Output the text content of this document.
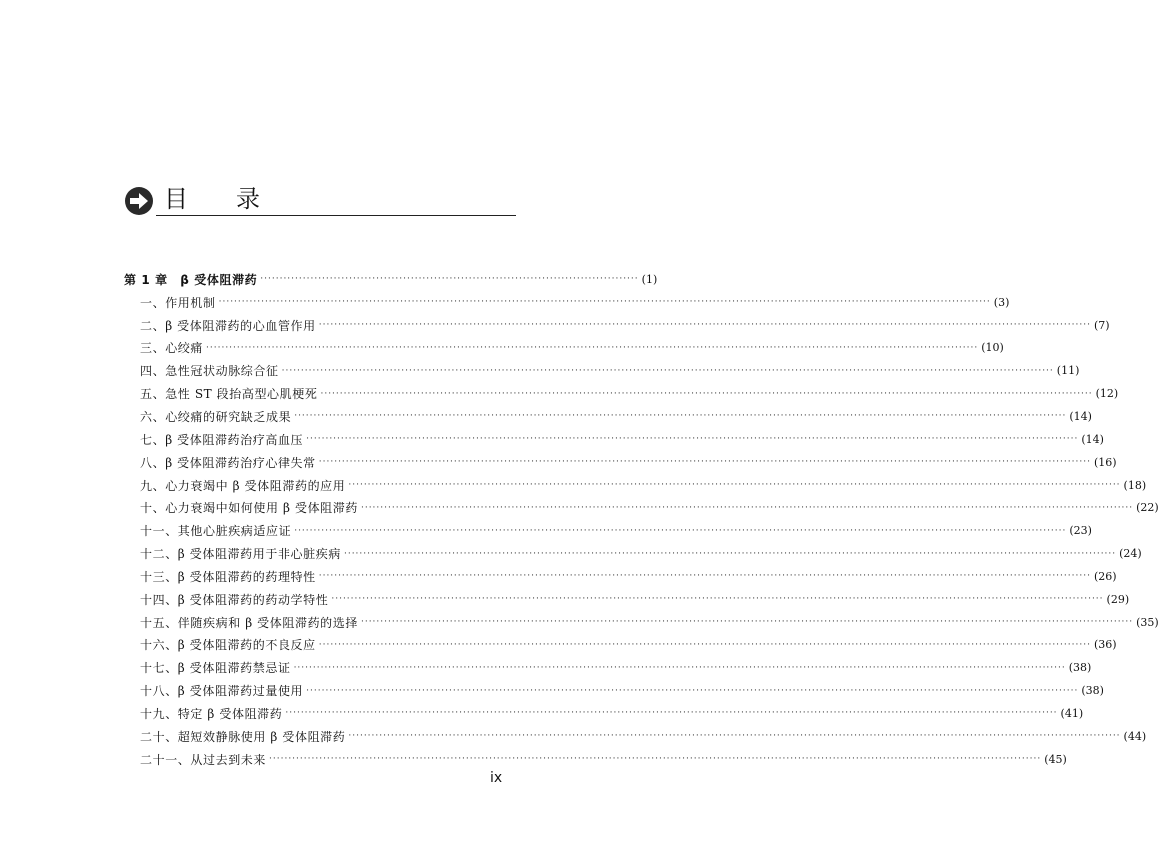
目 录
第 1 章　β 受体阻滞药 ·································································································· (1)
一、作用机制 ········································································································································································································ (3)
二、β 受体阻滞药的心血管作用 ········································································································································································································ (7)
三、心绞痛 ········································································································································································································ (10)
四、急性冠状动脉综合征 ········································································································································································································ (11)
五、急性 ST 段抬高型心肌梗死 ········································································································································································································ (12)
六、心绞痛的研究缺乏成果 ········································································································································································································ (14)
七、β 受体阻滞药治疗高血压 ········································································································································································································ (14)
八、β 受体阻滞药治疗心律失常 ········································································································································································································ (16)
九、心力衰竭中 β 受体阻滞药的应用 ········································································································································································································ (18)
十、心力衰竭中如何使用 β 受体阻滞药 ········································································································································································································ (22)
十一、其他心脏疾病适应证 ········································································································································································································ (23)
十二、β 受体阻滞药用于非心脏疾病 ········································································································································································································ (24)
十三、β 受体阻滞药的药理特性 ········································································································································································································ (26)
十四、β 受体阻滞药的药动学特性 ········································································································································································································ (29)
十五、伴随疾病和 β 受体阻滞药的选择 ········································································································································································································ (35)
十六、β 受体阻滞药的不良反应 ········································································································································································································ (36)
十七、β 受体阻滞药禁忌证 ········································································································································································································ (38)
十八、β 受体阻滞药过量使用 ········································································································································································································ (38)
十九、特定 β 受体阻滞药 ········································································································································································································ (41)
二十、超短效静脉使用 β 受体阻滞药 ········································································································································································································ (44)
二十一、从过去到未来 ········································································································································································································ (45)
ix
